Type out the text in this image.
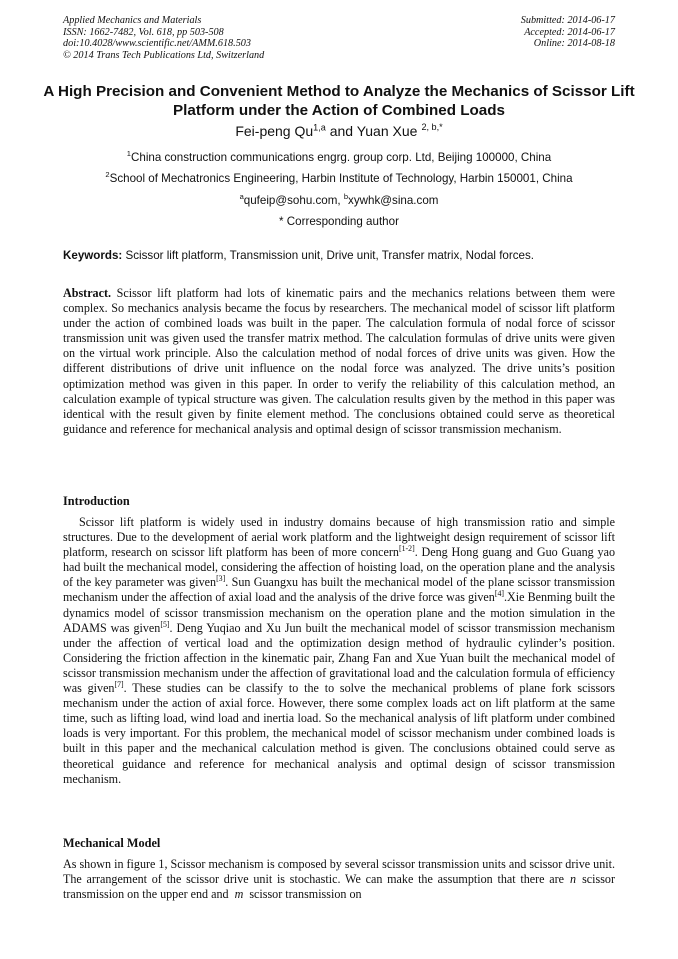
Applied Mechanics and Materials
ISSN: 1662-7482, Vol. 618, pp 503-508
doi:10.4028/www.scientific.net/AMM.618.503
© 2014 Trans Tech Publications Ltd, Switzerland
Submitted: 2014-06-17
Accepted: 2014-06-17
Online: 2014-08-18
A High Precision and Convenient Method to Analyze the Mechanics of Scissor Lift Platform under the Action of Combined Loads
Fei-peng Qu$^{1,a}$ and Yuan Xue $^{2, b,*}$
$^1$China construction communications engrg. group corp. Ltd, Beijing 100000, China
$^2$School of Mechatronics Engineering, Harbin Institute of Technology, Harbin 150001, China
$^a$qufeip@sohu.com, $^b$xywhk@sina.com
* Corresponding author
Keywords: Scissor lift platform, Transmission unit, Drive unit, Transfer matrix, Nodal forces.
Abstract. Scissor lift platform had lots of kinematic pairs and the mechanics relations between them were complex. So mechanics analysis became the focus by researchers. The mechanical model of scissor lift platform under the action of combined loads was built in the paper. The calculation formula of nodal force of scissor transmission unit was given used the transfer matrix method. The calculation formulas of drive units were given on the virtual work principle. Also the calculation method of nodal forces of drive units was given. How the different distributions of drive unit influence on the nodal force was analyzed. The drive units’s position optimization method was given in this paper. In order to verify the reliability of this calculation method, an calculation example of typical structure was given. The calculation results given by the method in this paper was identical with the result given by finite element method. The conclusions obtained could serve as theoretical guidance and reference for mechanical analysis and optimal design of scissor transmission mechanism.
Introduction
Scissor lift platform is widely used in industry domains because of high transmission ratio and simple structures. Due to the development of aerial work platform and the lightweight design requirement of scissor lift platform, research on scissor lift platform has been of more concern[1-2]. Deng Hong guang and Guo Guang yao had built the mechanical model, considering the affection of hoisting load, on the operation plane and the analysis of the key parameter was given[3]. Sun Guangxu has built the mechanical model of the plane scissor transmission mechanism under the affection of axial load and the analysis of the drive force was given[4].Xie Benming built the dynamics model of scissor transmission mechanism on the operation plane and the motion simulation in the ADAMS was given[5]. Deng Yuqiao and Xu Jun built the mechanical model of scissor transmission mechanism under the affection of vertical load and the optimization design method of hydraulic cylinder’s position. Considering the friction affection in the kinematic pair, Zhang Fan and Xue Yuan built the mechanical model of scissor transmission mechanism under the affection of gravitational load and the calculation formula of efficiency was given[7]. These studies can be classify to the to solve the mechanical problems of plane fork scissors mechanism under the action of axial force. However, there some complex loads act on lift platform at the same time, such as lifting load, wind load and inertia load. So the mechanical analysis of lift platform under combined loads is very important. For this problem, the mechanical model of scissor mechanism under combined loads is built in this paper and the mechanical calculation method is given. The conclusions obtained could serve as theoretical guidance and reference for mechanical analysis and optimal design of scissor transmission mechanism.
Mechanical Model
As shown in figure 1, Scissor mechanism is composed by several scissor transmission units and scissor drive unit. The arrangement of the scissor drive unit is stochastic. We can make the assumption that there are n scissor transmission on the upper end and m scissor transmission on
